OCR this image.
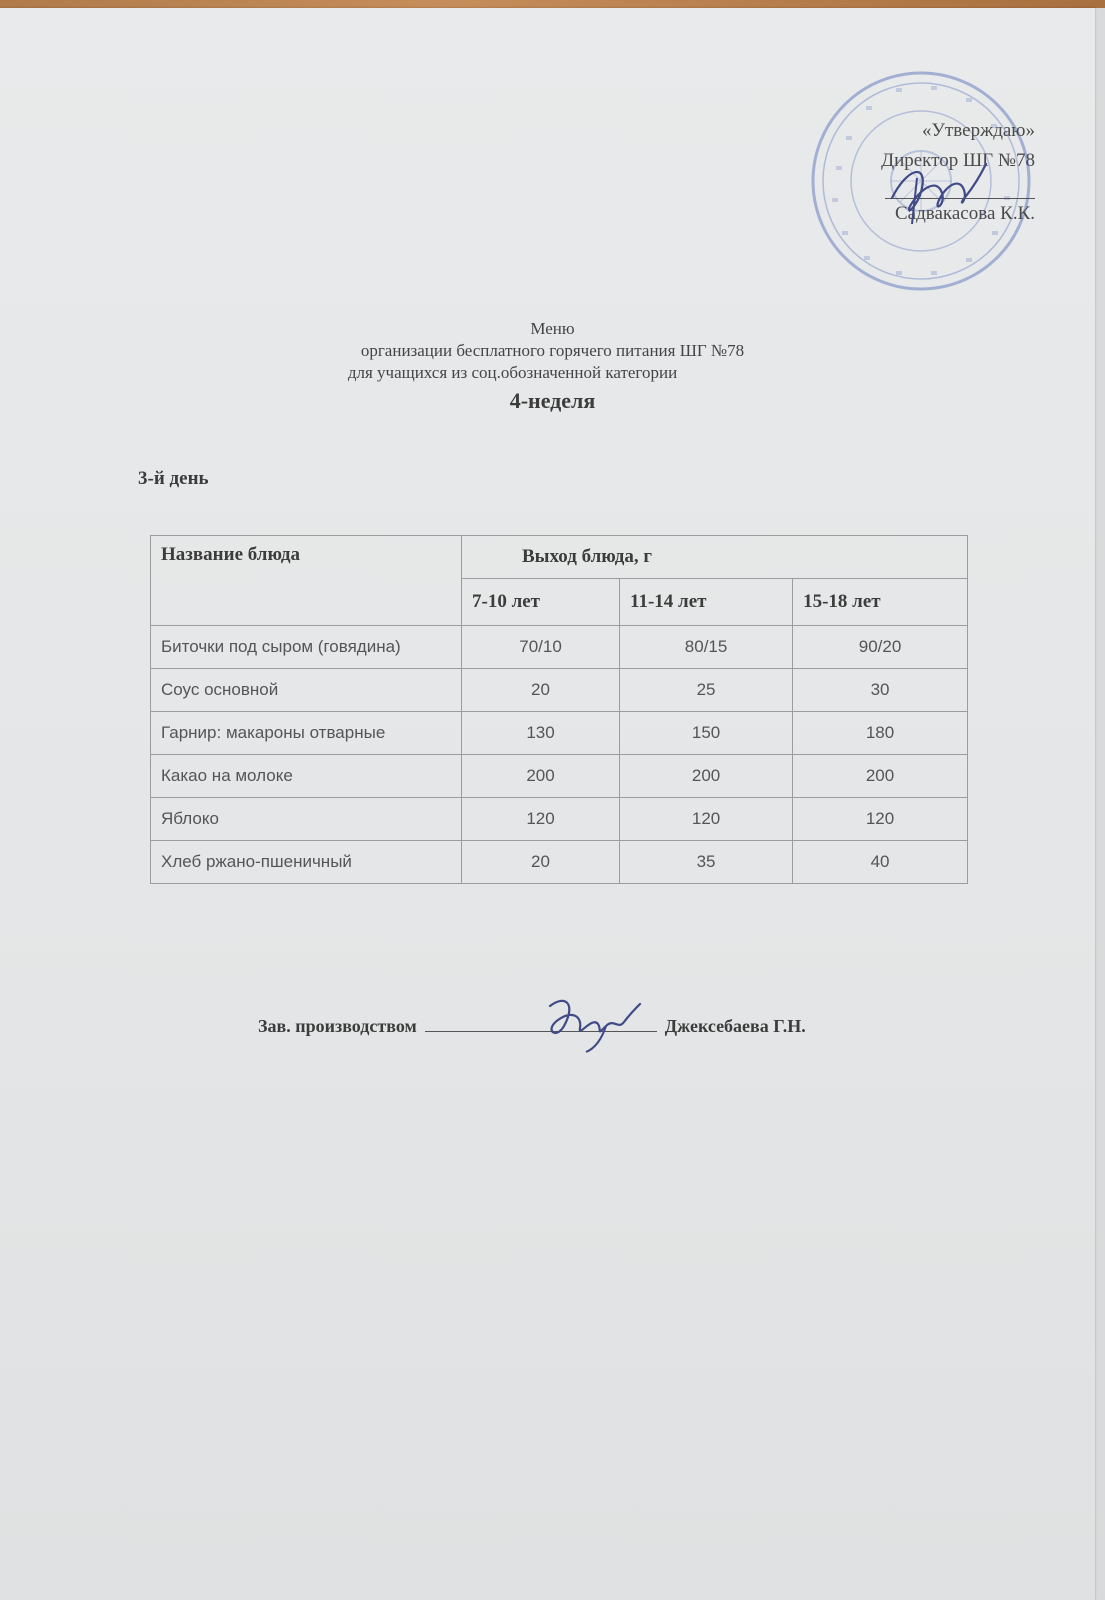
«Утверждаю»
Директор ШГ №78
Садвакасова К.К.
Меню
организации бесплатного горячего питания ШГ №78
для учащихся из соц.обозначенной категории
4-неделя
3-й день
Название блюда	Выход блюда, г		
	7-10 лет	11-14 лет	15-18 лет
Биточки под сыром (говядина)	70/10	80/15	90/20
Соус основной	20	25	30
Гарнир: макароны отварные	130	150	180
Какао на молоке	200	200	200
Яблоко	120	120	120
Хлеб ржано-пшеничный	20	35	40
Зав. производством	Джексебаева Г.Н.
